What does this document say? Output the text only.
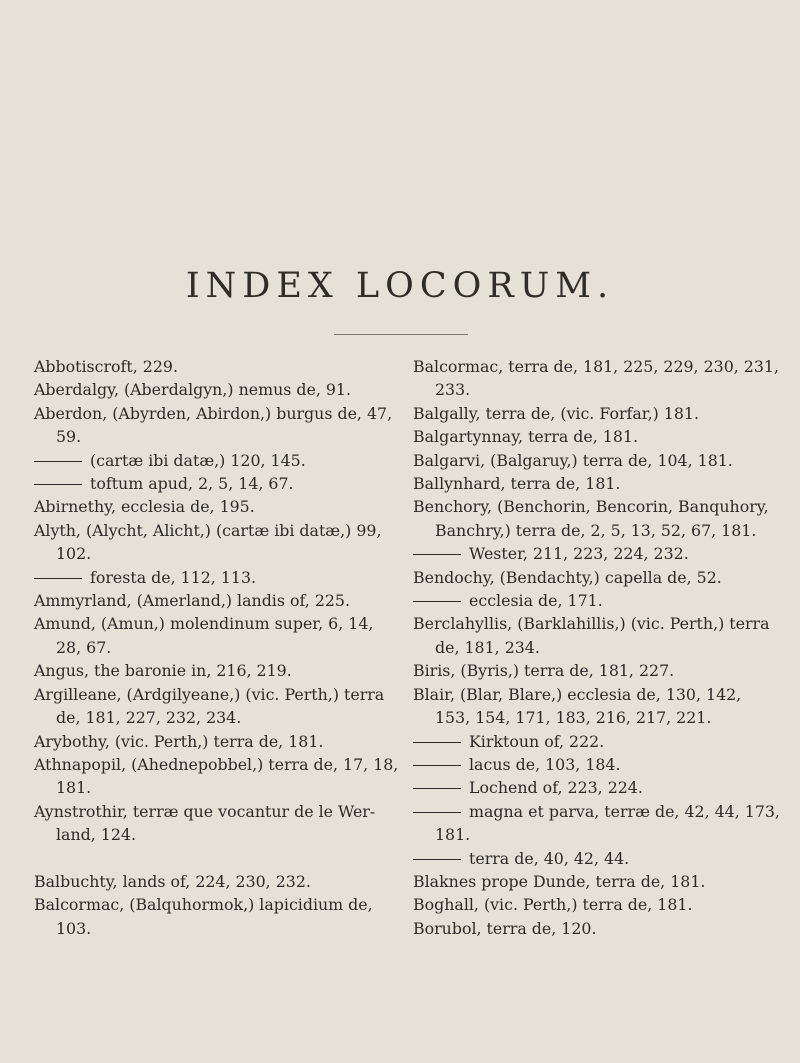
INDEX LOCORUM.
Abbotiscroft, 229.
Aberdalgy, (Aberdalgyn,) nemus de, 91.
Aberdon, (Abyrden, Abirdon,) burgus de, 47, 59.
(cartæ ibi datæ,) 120, 145.
toftum apud, 2, 5, 14, 67.
Abirnethy, ecclesia de, 195.
Alyth, (Alycht, Alicht,) (cartæ ibi datæ,) 99, 102.
foresta de, 112, 113.
Ammyrland, (Amerland,) landis of, 225.
Amund, (Amun,) molendinum super, 6, 14, 28, 67.
Angus, the baronie in, 216, 219.
Argilleane, (Ardgilyeane,) (vic. Perth,) terra de, 181, 227, 232, 234.
Arybothy, (vic. Perth,) terra de, 181.
Athnapopil, (Ahednepobbel,) terra de, 17, 18, 181.
Aynstrothir, terræ que vocantur de le Wer-land, 124.
Balbuchty, lands of, 224, 230, 232.
Balcormac, (Balquhormok,) lapicidium de, 103.
Balcormac, terra de, 181, 225, 229, 230, 231, 233.
Balgally, terra de, (vic. Forfar,) 181.
Balgartynnay, terra de, 181.
Balgarvi, (Balgaruy,) terra de, 104, 181.
Ballynhard, terra de, 181.
Benchory, (Benchorin, Bencorin, Banquhory, Banchry,) terra de, 2, 5, 13, 52, 67, 181.
Wester, 211, 223, 224, 232.
Bendochy, (Bendachty,) capella de, 52.
ecclesia de, 171.
Berclahyllis, (Barklahillis,) (vic. Perth,) terra de, 181, 234.
Biris, (Byris,) terra de, 181, 227.
Blair, (Blar, Blare,) ecclesia de, 130, 142, 153, 154, 171, 183, 216, 217, 221.
Kirktoun of, 222.
lacus de, 103, 184.
Lochend of, 223, 224.
magna et parva, terræ de, 42, 44, 173, 181.
terra de, 40, 42, 44.
Blaknes prope Dunde, terra de, 181.
Boghall, (vic. Perth,) terra de, 181.
Borubol, terra de, 120.
